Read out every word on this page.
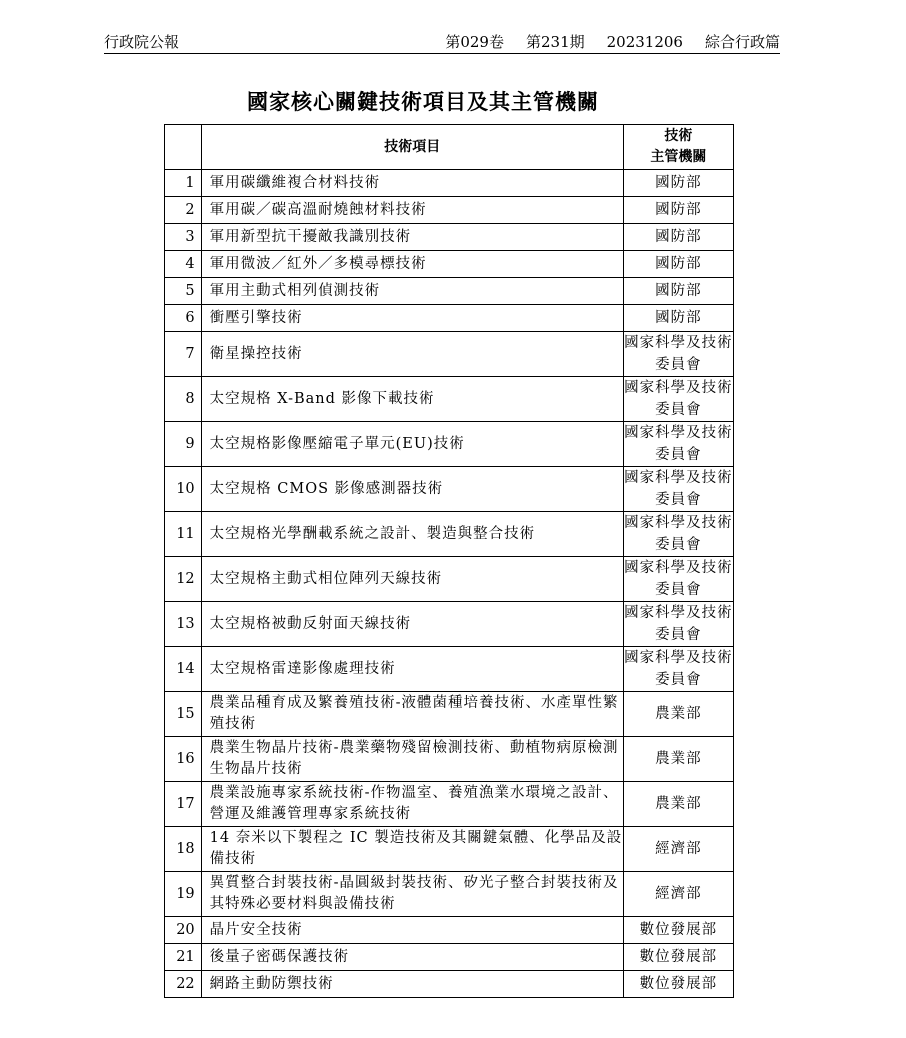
行政院公報	第029卷 第231期 20231206 綜合行政篇
國家核心關鍵技術項目及其主管機關
	技術項目	技術
主管機關

1	軍用碳纖維複合材料技術	國防部
2	軍用碳／碳高溫耐燒蝕材料技術	國防部
3	軍用新型抗干擾敵我識別技術	國防部
4	軍用微波／紅外／多模尋標技術	國防部
5	軍用主動式相列偵測技術	國防部
6	衝壓引擎技術	國防部
7	衛星操控技術	國家科學及技術委員會
8	太空規格 X-Band 影像下載技術	國家科學及技術委員會
9	太空規格影像壓縮電子單元(EU)技術	國家科學及技術委員會
10	太空規格 CMOS 影像感測器技術	國家科學及技術委員會
11	太空規格光學酬載系統之設計、製造與整合技術	國家科學及技術委員會
12	太空規格主動式相位陣列天線技術	國家科學及技術委員會
13	太空規格被動反射面天線技術	國家科學及技術委員會
14	太空規格雷達影像處理技術	國家科學及技術委員會
15	農業品種育成及繁養殖技術-液體菌種培養技術、水產單性繁殖技術	農業部
16	農業生物晶片技術-農業藥物殘留檢測技術、動植物病原檢測生物晶片技術	農業部
17	農業設施專家系統技術-作物溫室、養殖漁業水環境之設計、營運及維護管理專家系統技術	農業部
18	14 奈米以下製程之 IC 製造技術及其關鍵氣體、化學品及設備技術	經濟部
19	異質整合封裝技術-晶圓級封裝技術、矽光子整合封裝技術及其特殊必要材料與設備技術	經濟部
20	晶片安全技術	數位發展部
21	後量子密碼保護技術	數位發展部
22	網路主動防禦技術	數位發展部
